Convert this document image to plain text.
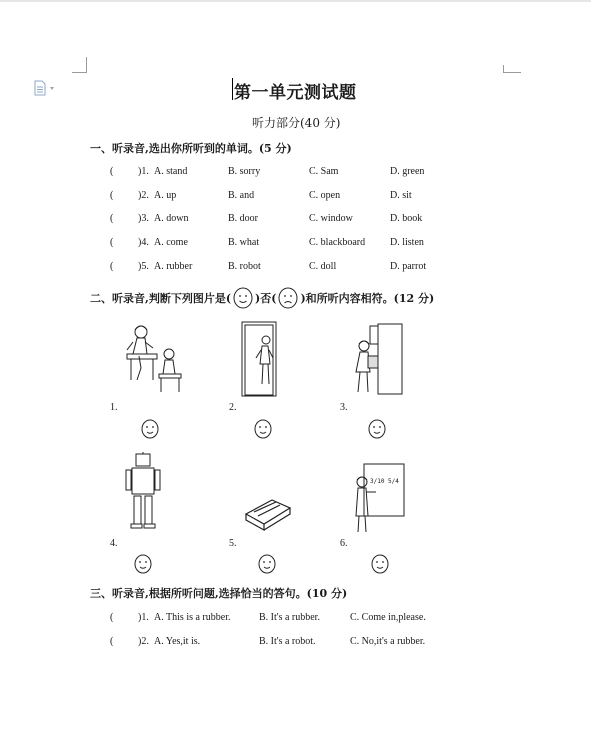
第一单元测试题
听力部分(40 分)
一、听录音,选出你所听到的单词。(5 分)
( )1. A. stand	B. sorry	C. Sam	D. green
( )2. A. up	B. and	C. open	D. sit
( )3. A. down	B. door	C. window	D. book
( )4. A. come	B. what	C. blackboard D. listen
( )5. A. rubber	B. robot	C. doll	D. parrot
二、听录音,判断下列图片是( )否( )和所听内容相符。(12 分)
1.	2.	3.
4.	5.
3/10 5/4
6.
三、听录音,根据所听问题,选择恰当的答句。(10 分)
( )1. A. This is a rubber.	B. It's a rubber.	C. Come in,please.
( )2. A. Yes,it is.	B. It's a robot.	C. No,it's a rubber.
